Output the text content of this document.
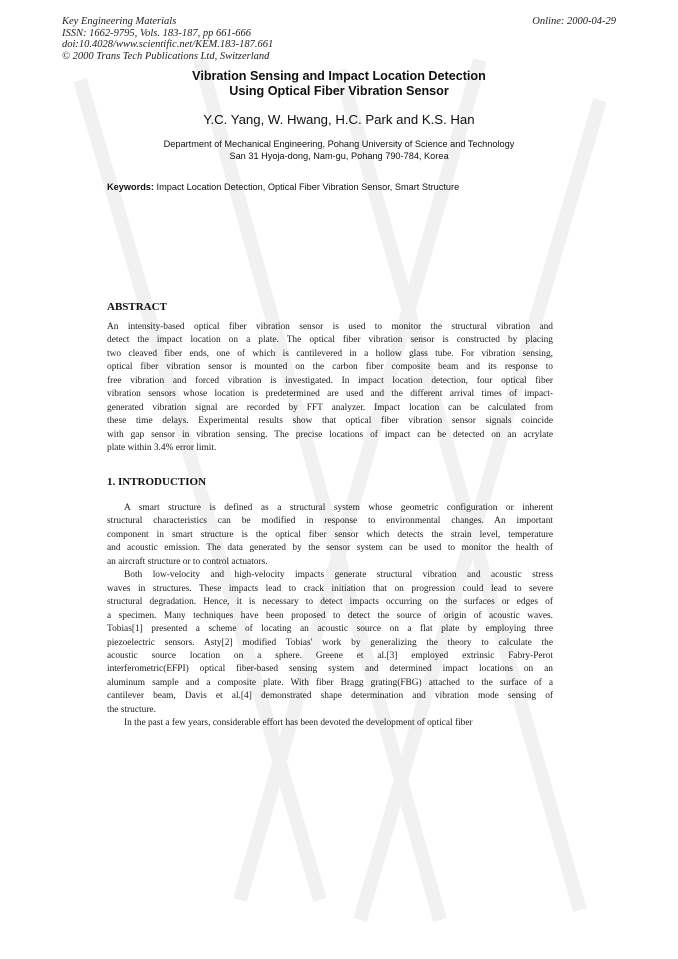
Key Engineering Materials
ISSN: 1662-9795, Vols. 183-187, pp 661-666
doi:10.4028/www.scientific.net/KEM.183-187.661
© 2000 Trans Tech Publications Ltd, Switzerland
Online: 2000-04-29
Vibration Sensing and Impact Location Detection
Using Optical Fiber Vibration Sensor
Y.C. Yang, W. Hwang, H.C. Park and K.S. Han
Department of Mechanical Engineering, Pohang University of Science and Technology
San 31 Hyoja-dong, Nam-gu, Pohang 790-784, Korea
Keywords: Impact Location Detection, Optical Fiber Vibration Sensor, Smart Structure
ABSTRACT
An intensity-based optical fiber vibration sensor is used to monitor the structural vibration and
detect the impact location on a plate. The optical fiber vibration sensor is constructed by placing
two cleaved fiber ends, one of which is cantilevered in a hollow glass tube. For vibration sensing,
optical fiber vibration sensor is mounted on the carbon fiber composite beam and its response to
free vibration and forced vibration is investigated. In impact location detection, four optical fiber
vibration sensors whose location is predetermined are used and the different arrival times of impact-
generated vibration signal are recorded by FFT analyzer. Impact location can be calculated from
these time delays. Experimental results show that optical fiber vibration sensor signals coincide
with gap sensor in vibration sensing. The precise locations of impact can be detected on an acrylate
plate within 3.4% error limit.
1. INTRODUCTION
A smart structure is defined as a structural system whose geometric configuration or inherent
structural characteristics can be modified in response to environmental changes. An important
component in smart structure is the optical fiber sensor which detects the strain level, temperature
and acoustic emission. The data generated by the sensor system can be used to monitor the health of
an aircraft structure or to control actuators.
Both low-velocity and high-velocity impacts generate structural vibration and acoustic stress
waves in structures. These impacts lead to crack initiation that on progression could lead to severe
structural degradation. Hence, it is necessary to detect impacts occurring on the surfaces or edges of
a specimen. Many techniques have been proposed to detect the source of origin of acoustic waves.
Tobias[1] presented a scheme of locating an acoustic source on a flat plate by employing three
piezoelectric sensors. Asty[2] modified Tobias' work by generalizing the theory to calculate the
acoustic source location on a sphere. Greene et al.[3] employed extrinsic Fabry-Perot
interferometric(EFPI) optical fiber-based sensing system and determined impact locations on an
aluminum sample and a composite plate. With fiber Bragg grating(FBG) attached to the surface of a
cantilever beam, Davis et al.[4] demonstrated shape determination and vibration mode sensing of
the structure.
In the past a few years, considerable effort has been devoted the development of optical fiber
